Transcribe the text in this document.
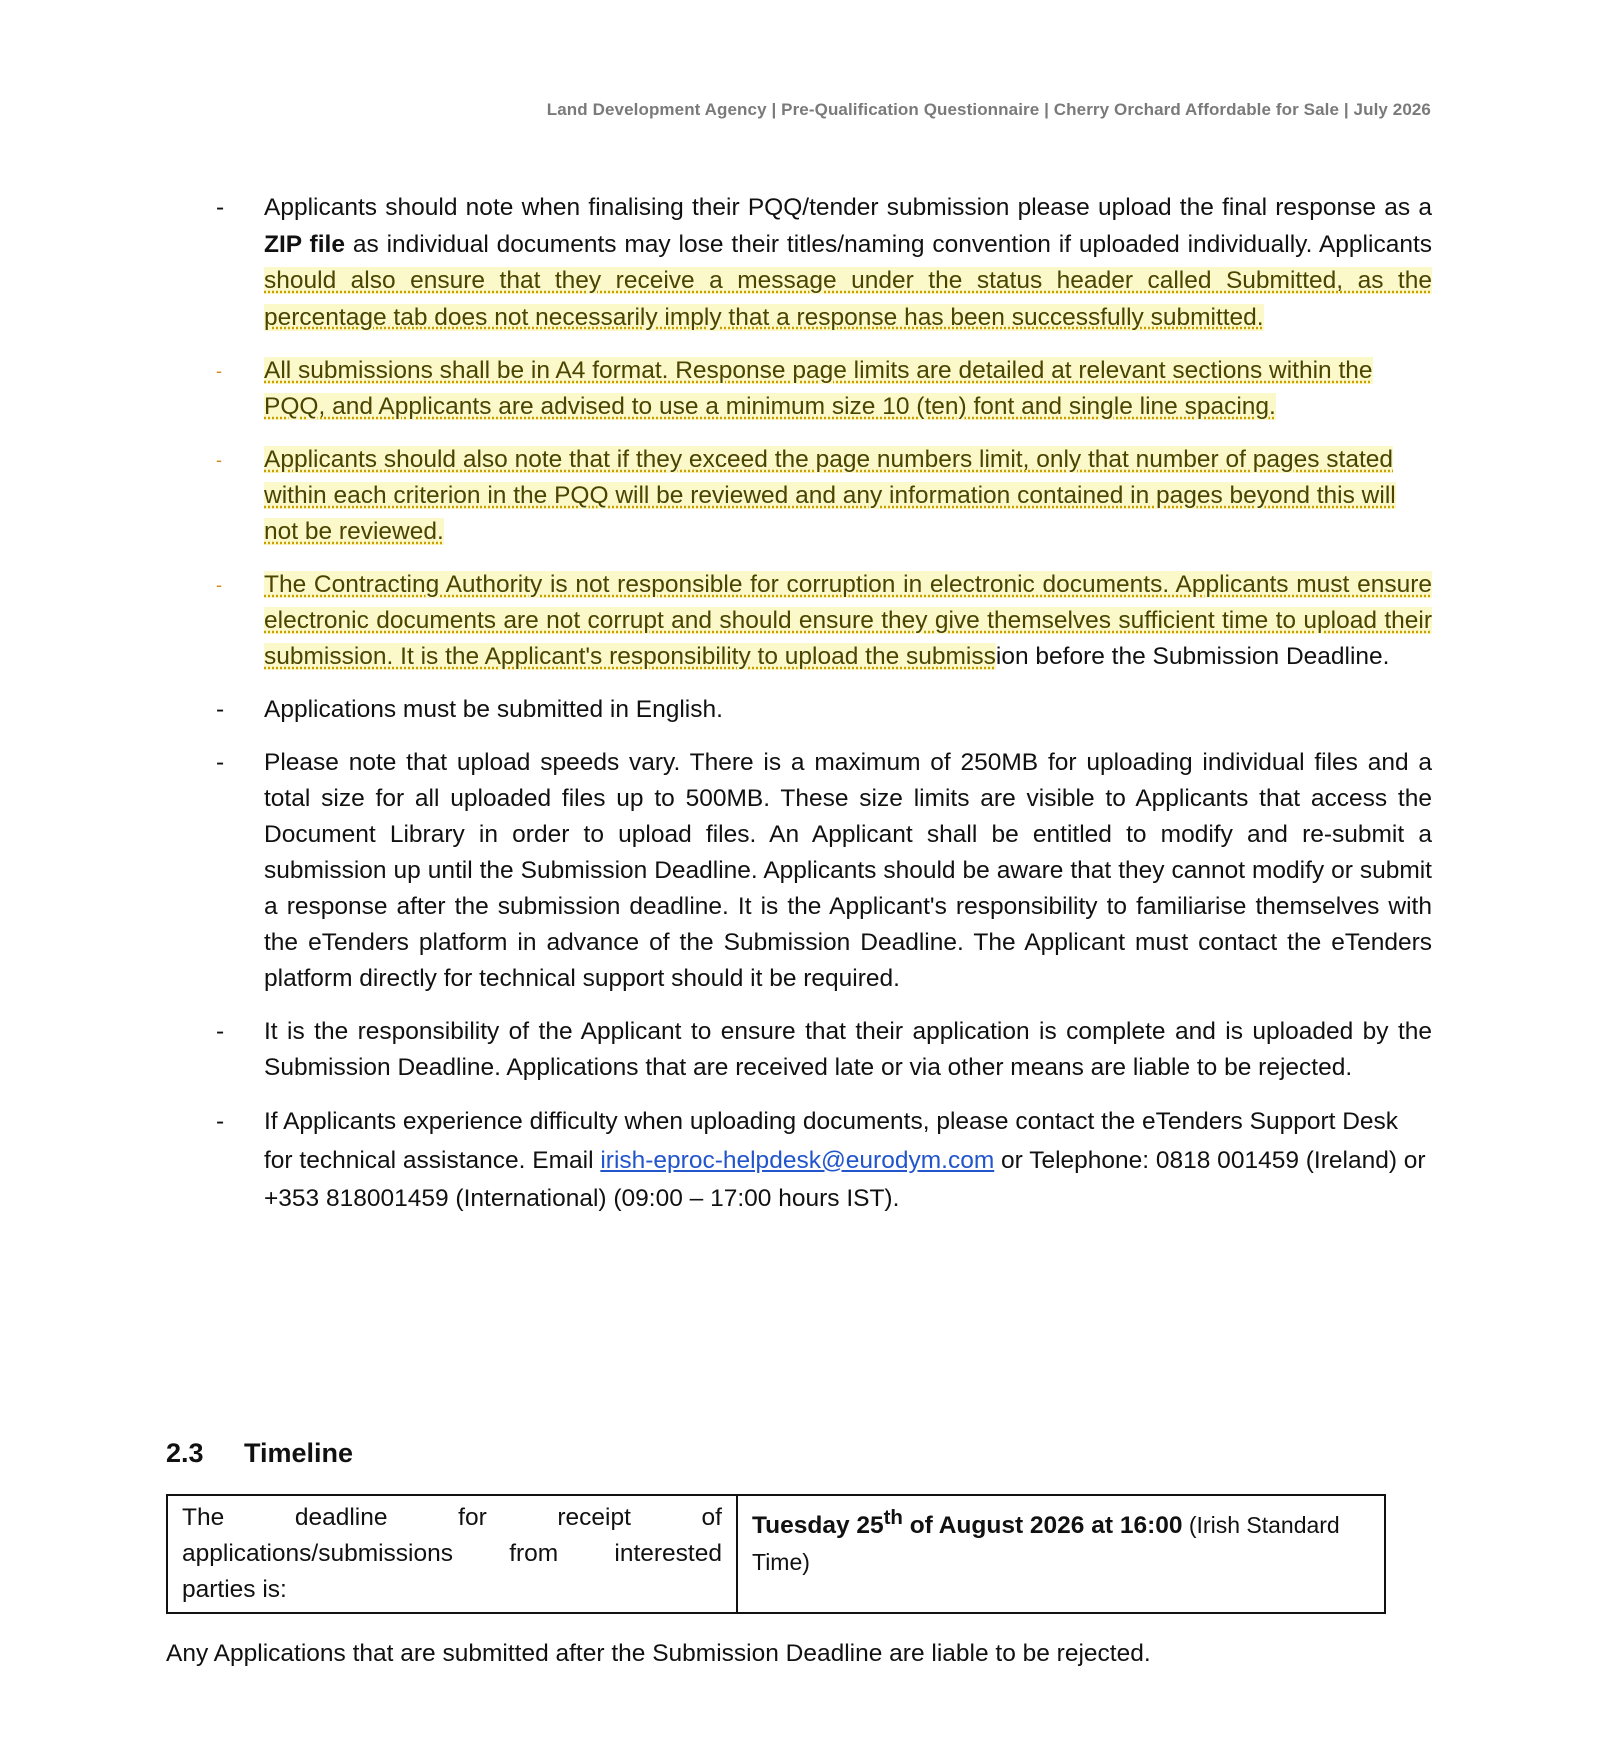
Land Development Agency | Pre-Qualification Questionnaire | Cherry Orchard Affordable for Sale | July 2026
- Applicants should note when finalising their PQQ/tender submission please upload the final response as a ZIP file as individual documents may lose their titles/naming convention if uploaded individually. Applicants should also ensure that they receive a message under the status header called Submitted, as the percentage tab does not necessarily imply that a response has been successfully submitted.
- All submissions shall be in A4 format. Response page limits are detailed at relevant sections within the PQQ, and Applicants are advised to use a minimum size 10 (ten) font and single line spacing.
- Applicants should also note that if they exceed the page numbers limit, only that number of pages stated within each criterion in the PQQ will be reviewed and any information contained in pages beyond this will not be reviewed.
- The Contracting Authority is not responsible for corruption in electronic documents. Applicants must ensure electronic documents are not corrupt and should ensure they give themselves sufficient time to upload their submission. It is the Applicant's responsibility to upload the submission before the Submission Deadline.
- Applications must be submitted in English.
- Please note that upload speeds vary. There is a maximum of 250MB for uploading individual files and a total size for all uploaded files up to 500MB. These size limits are visible to Applicants that access the Document Library in order to upload files. An Applicant shall be entitled to modify and re-submit a submission up until the Submission Deadline. Applicants should be aware that they cannot modify or submit a response after the submission deadline. It is the Applicant's responsibility to familiarise themselves with the eTenders platform in advance of the Submission Deadline. The Applicant must contact the eTenders platform directly for technical support should it be required.
- It is the responsibility of the Applicant to ensure that their application is complete and is uploaded by the Submission Deadline. Applications that are received late or via other means are liable to be rejected.
- If Applicants experience difficulty when uploading documents, please contact the eTenders Support Desk for technical assistance. Email irish-eproc-helpdesk@eurodym.com or Telephone: 0818 001459 (Ireland) or +353 818001459 (International) (09:00 – 17:00 hours IST).
2.3 Timeline
The deadline for receipt of applications/submissions from interested
parties is:
	Tuesday 25th of August 2026 at 16:00 (Irish Standard Time)
Any Applications that are submitted after the Submission Deadline are liable to be rejected.
